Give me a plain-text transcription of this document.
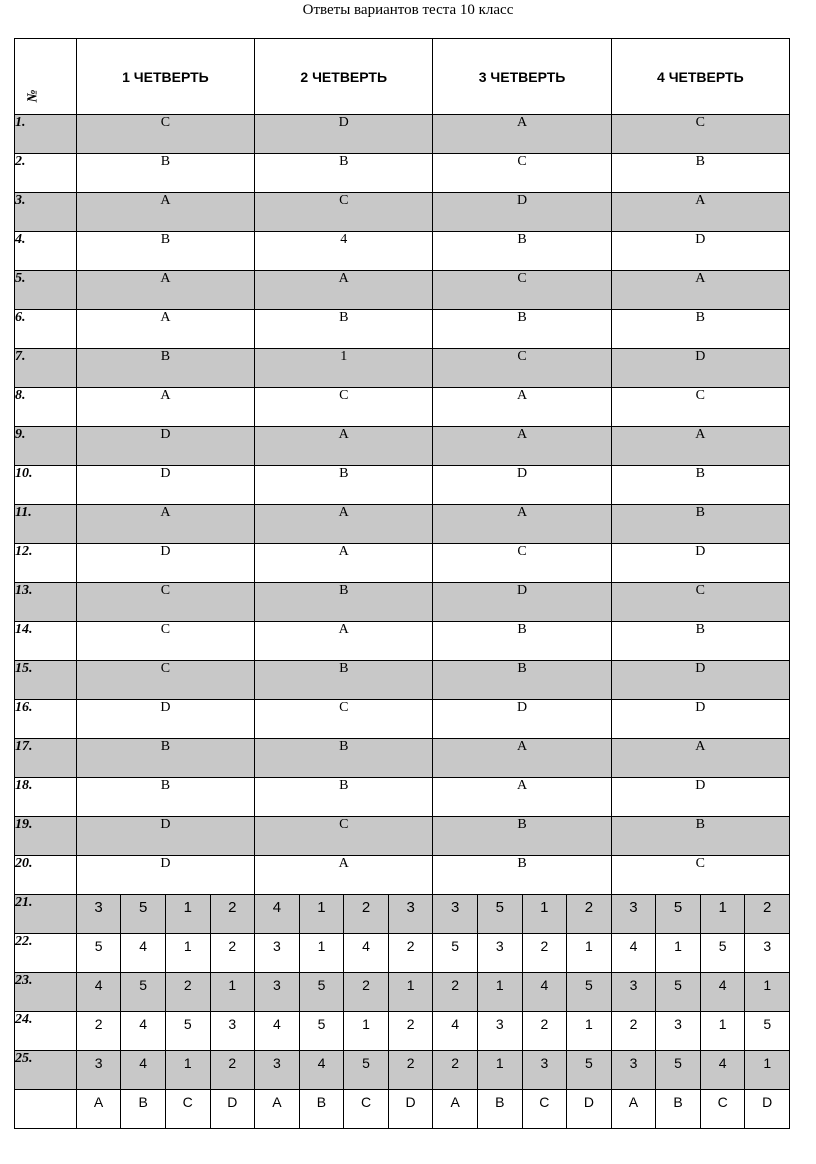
Ответы вариантов теста 10 класс
№	1 ЧЕТВЕРТЬ	2 ЧЕТВЕРТЬ	3 ЧЕТВЕРТЬ	4 ЧЕТВЕРТЬ
1.	C	D	A	C
2.	B	B	C	B
3.	A	C	D	A
4.	B	4	B	D
5.	A	A	C	A
6.	A	B	B	B
7.	B	1	C	D
8.	A	C	A	C
9.	D	A	A	A
10.	D	B	D	B
11.	A	A	A	B
12.	D	A	C	D
13.	C	B	D	C
14.	C	A	B	B
15.	C	B	B	D
16.	D	C	D	D
17.	B	B	A	A
18.	B	B	A	D
19.	D	C	B	B
20.	D	A	B	C
21.	3 5 1 2	4 1 2 3	3 5 1 2	3 5 1 2

22.	5 4 1 2	3 1 4 2	5 3 2 1	4 1 5 3

23.	4 5 2 1	3 5 2 1	2 1 4 5	3 5 4 1

24.	2 4 5 3	4 5 1 2	4 3 2 1	2 3 1 5

25.	3 4 1 2	3 4 5 2	2 1 3 5	3 5 4 1

	A B C D	A B C D	A B C D	A B C D
